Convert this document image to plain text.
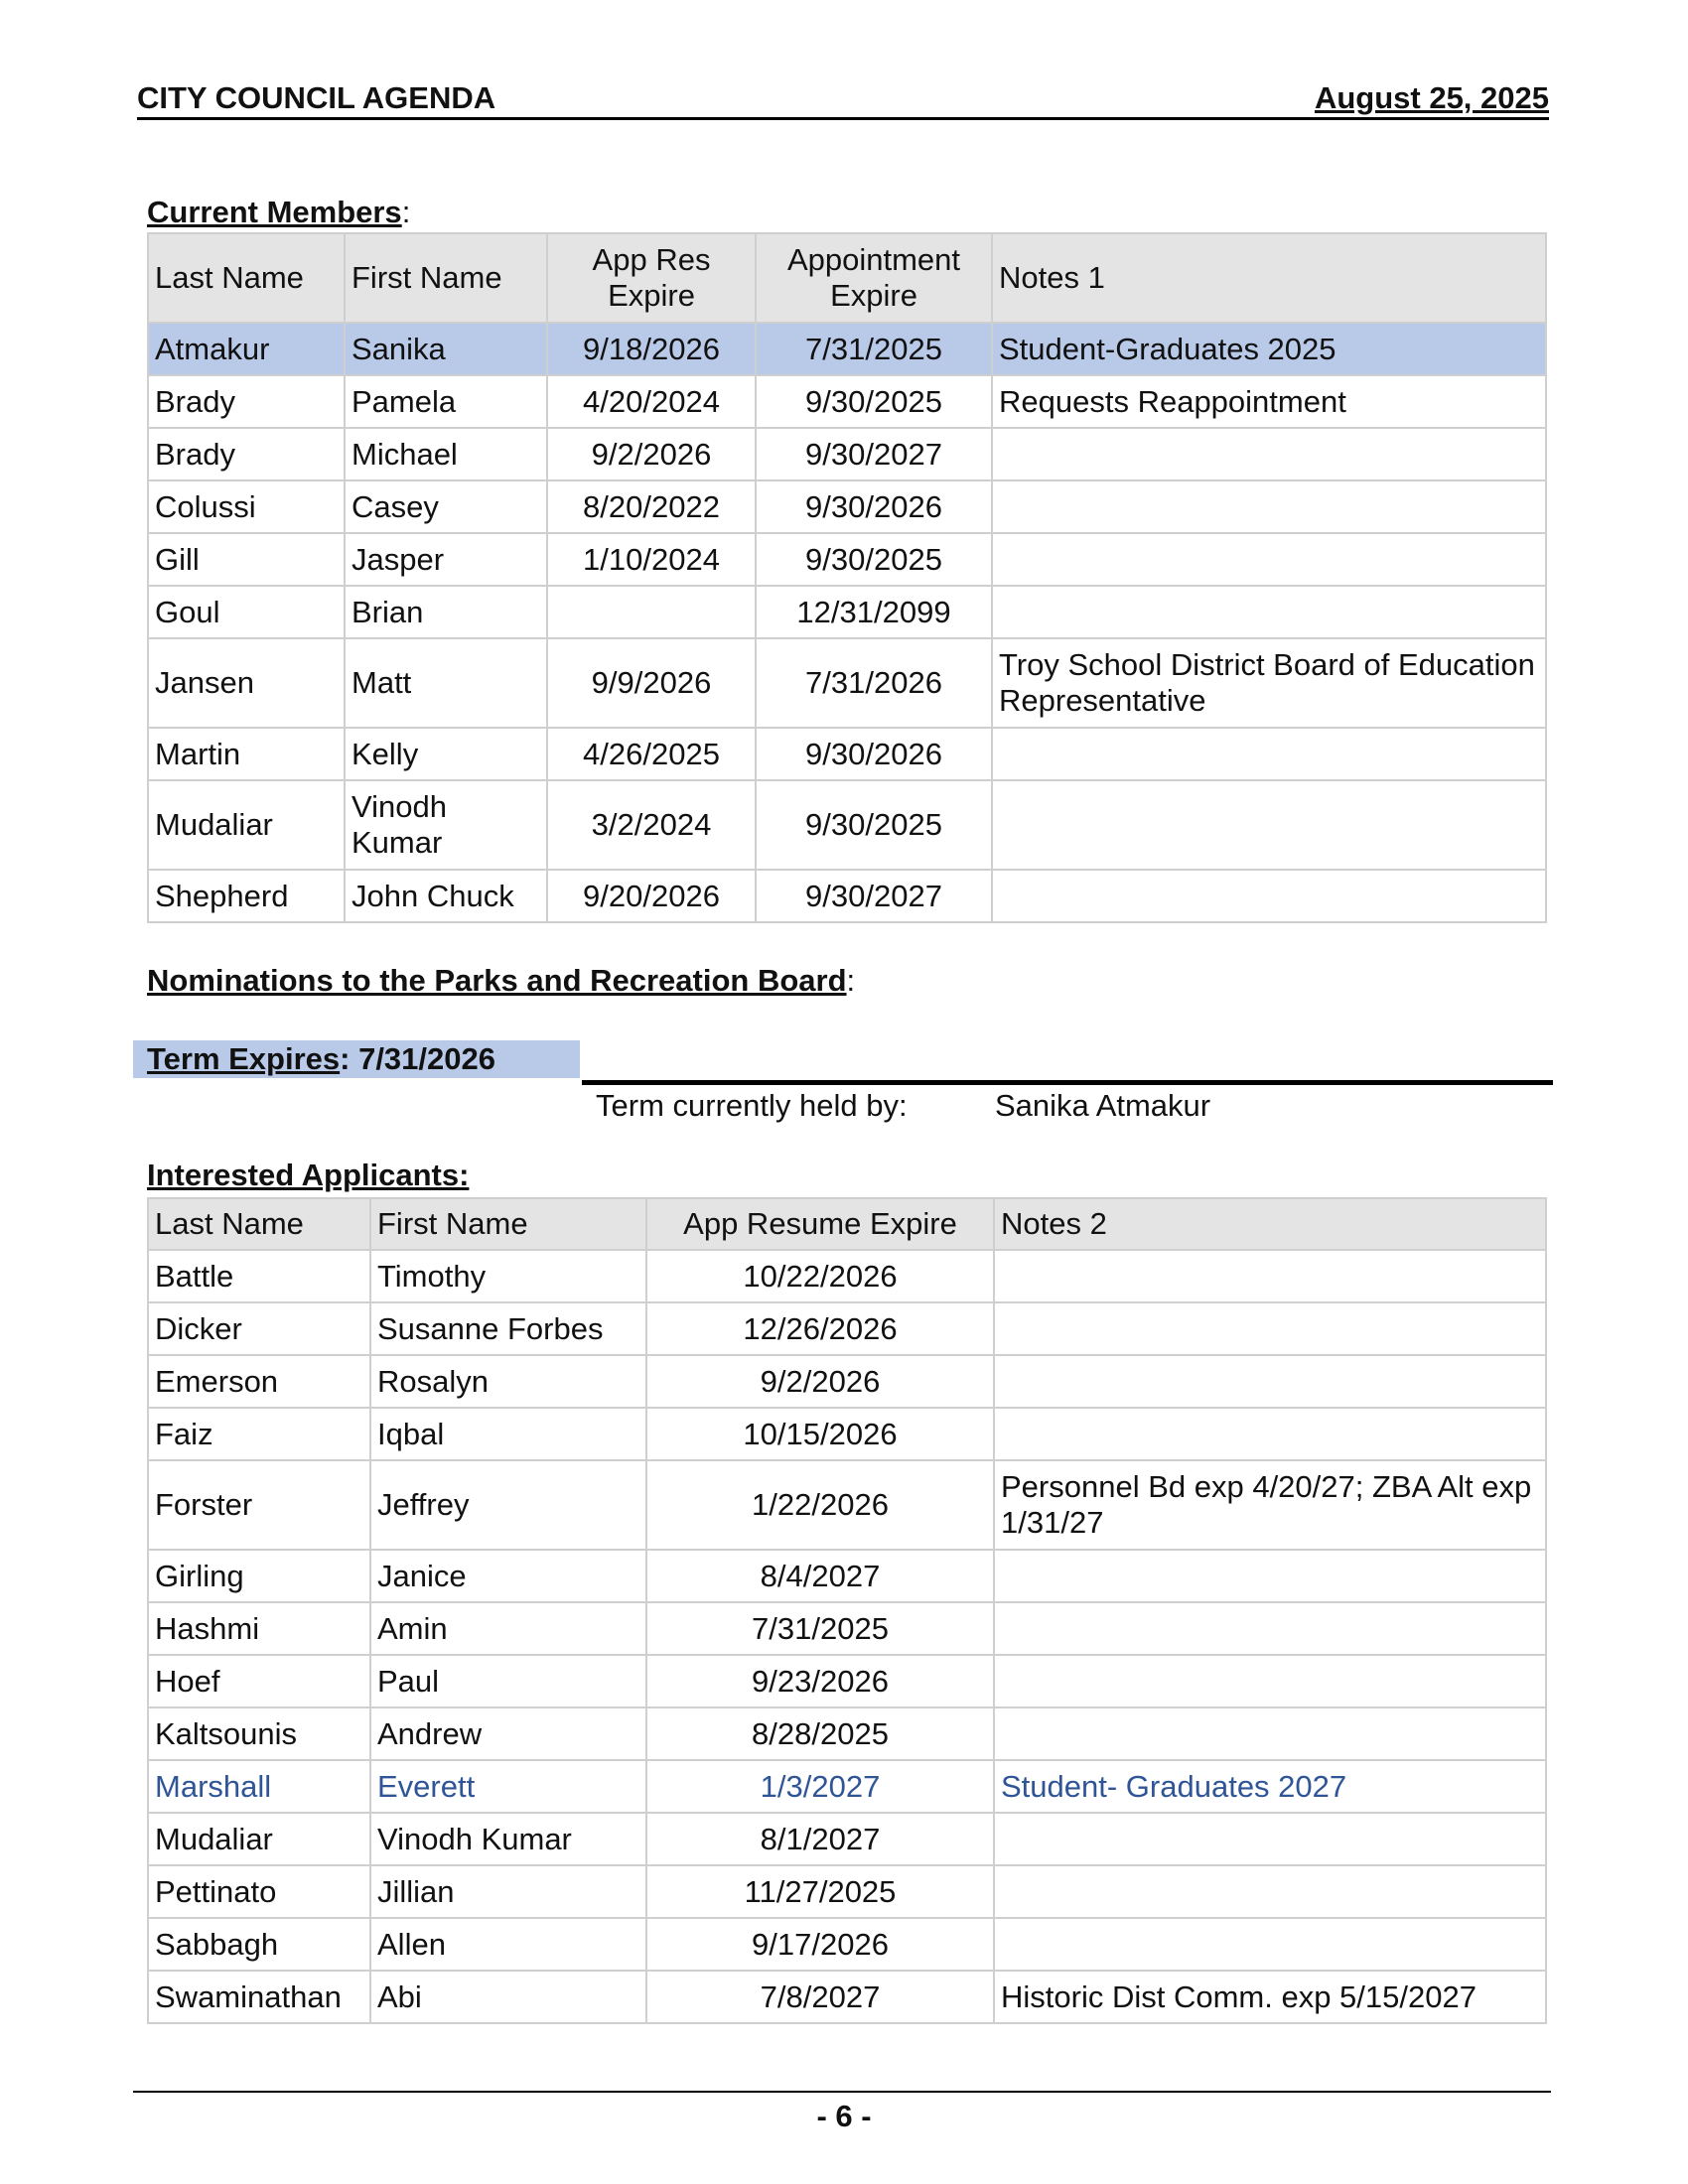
CITY COUNCIL AGENDA	August 25, 2025
Current Members:
Last Name	First Name	App Res Expire	Appointment Expire	Notes 1
Atmakur	Sanika	9/18/2026	7/31/2025	Student-Graduates 2025
Brady	Pamela	4/20/2024	9/30/2025	Requests Reappointment
Brady	Michael	9/2/2026	9/30/2027	
Colussi	Casey	8/20/2022	9/30/2026	
Gill	Jasper	1/10/2024	9/30/2025	
Goul	Brian		12/31/2099	
Jansen	Matt	9/9/2026	7/31/2026	Troy School District Board of Education Representative
Martin	Kelly	4/26/2025	9/30/2026	
Mudaliar	Vinodh Kumar	3/2/2024	9/30/2025	
Shepherd	John Chuck	9/20/2026	9/30/2027	
Nominations to the Parks and Recreation Board:
Term Expires: 7/31/2026
Term currently held by:	Sanika Atmakur
Interested Applicants:
Last Name	First Name	App Resume Expire	Notes 2
Battle	Timothy	10/22/2026	
Dicker	Susanne Forbes	12/26/2026	
Emerson	Rosalyn	9/2/2026	
Faiz	Iqbal	10/15/2026	
Forster	Jeffrey	1/22/2026	Personnel Bd exp 4/20/27; ZBA Alt exp 1/31/27
Girling	Janice	8/4/2027	
Hashmi	Amin	7/31/2025	
Hoef	Paul	9/23/2026	
Kaltsounis	Andrew	8/28/2025	
Marshall	Everett	1/3/2027	Student- Graduates 2027
Mudaliar	Vinodh Kumar	8/1/2027	
Pettinato	Jillian	11/27/2025	
Sabbagh	Allen	9/17/2026	
Swaminathan	Abi	7/8/2027	Historic Dist Comm. exp 5/15/2027
- 6 -
